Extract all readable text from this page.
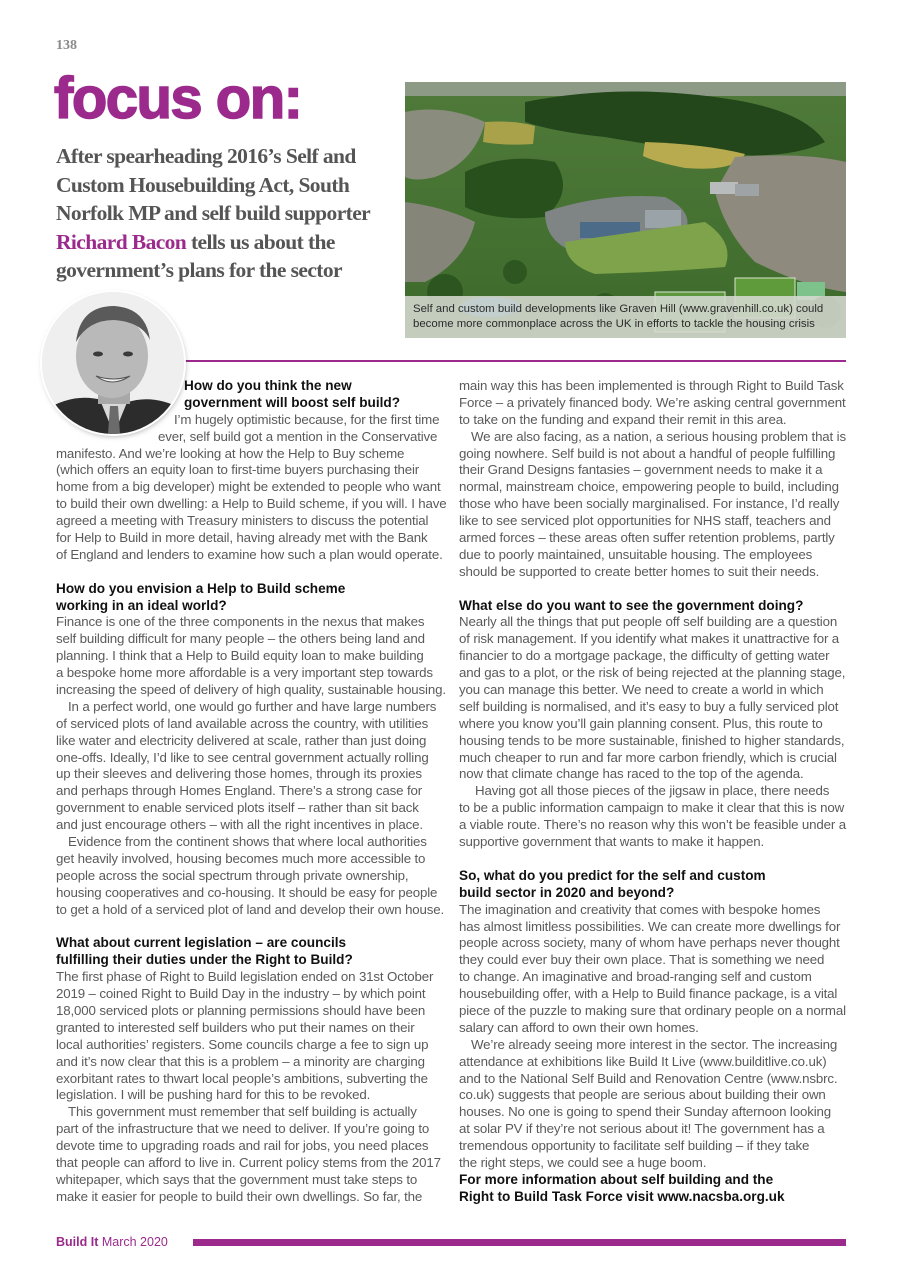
138
focus on:
After spearheading 2016’s Self and
Custom Housebuilding Act, South
Norfolk MP and self build supporter
Richard Bacon tells us about the
government’s plans for the sector
Self and custom build developments like Graven Hill (www.gravenhill.co.uk) could
become more commonplace across the UK in efforts to tackle the housing crisis
How do you think the new
government will boost self build?
I’m hugely optimistic because, for the first time
ever, self build got a mention in the Conservative
manifesto. And we’re looking at how the Help to Buy scheme
(which offers an equity loan to first-time buyers purchasing their
home from a big developer) might be extended to people who want
to build their own dwelling: a Help to Build scheme, if you will. I have
agreed a meeting with Treasury ministers to discuss the potential
for Help to Build in more detail, having already met with the Bank
of England and lenders to examine how such a plan would operate.
How do you envision a Help to Build scheme
working in an ideal world?
Finance is one of the three components in the nexus that makes
self building difficult for many people – the others being land and
planning. I think that a Help to Build equity loan to make building
a bespoke home more affordable is a very important step towards
increasing the speed of delivery of high quality, sustainable housing.
In a perfect world, one would go further and have large numbers
of serviced plots of land available across the country, with utilities
like water and electricity delivered at scale, rather than just doing
one-offs. Ideally, I’d like to see central government actually rolling
up their sleeves and delivering those homes, through its proxies
and perhaps through Homes England. There’s a strong case for
government to enable serviced plots itself – rather than sit back
and just encourage others – with all the right incentives in place.
Evidence from the continent shows that where local authorities
get heavily involved, housing becomes much more accessible to
people across the social spectrum through private ownership,
housing cooperatives and co-housing. It should be easy for people
to get a hold of a serviced plot of land and develop their own house.
What about current legislation – are councils
fulfilling their duties under the Right to Build?
The first phase of Right to Build legislation ended on 31st October
2019 – coined Right to Build Day in the industry – by which point
18,000 serviced plots or planning permissions should have been
granted to interested self builders who put their names on their
local authorities’ registers. Some councils charge a fee to sign up
and it’s now clear that this is a problem – a minority are charging
exorbitant rates to thwart local people’s ambitions, subverting the
legislation. I will be pushing hard for this to be revoked.
This government must remember that self building is actually
part of the infrastructure that we need to deliver. If you’re going to
devote time to upgrading roads and rail for jobs, you need places
that people can afford to live in. Current policy stems from the 2017
whitepaper, which says that the government must take steps to
make it easier for people to build their own dwellings. So far, the
main way this has been implemented is through Right to Build Task
Force – a privately financed body. We’re asking central government
to take on the funding and expand their remit in this area.
We are also facing, as a nation, a serious housing problem that is
going nowhere. Self build is not about a handful of people fulfilling
their Grand Designs fantasies – government needs to make it a
normal, mainstream choice, empowering people to build, including
those who have been socially marginalised. For instance, I’d really
like to see serviced plot opportunities for NHS staff, teachers and
armed forces – these areas often suffer retention problems, partly
due to poorly maintained, unsuitable housing. The employees
should be supported to create better homes to suit their needs.
What else do you want to see the government doing?
Nearly all the things that put people off self building are a question
of risk management. If you identify what makes it unattractive for a
financier to do a mortgage package, the difficulty of getting water
and gas to a plot, or the risk of being rejected at the planning stage,
you can manage this better. We need to create a world in which
self building is normalised, and it’s easy to buy a fully serviced plot
where you know you’ll gain planning consent. Plus, this route to
housing tends to be more sustainable, finished to higher standards,
much cheaper to run and far more carbon friendly, which is crucial
now that climate change has raced to the top of the agenda.
Having got all those pieces of the jigsaw in place, there needs
to be a public information campaign to make it clear that this is now
a viable route. There’s no reason why this won’t be feasible under a
supportive government that wants to make it happen.
So, what do you predict for the self and custom
build sector in 2020 and beyond?
The imagination and creativity that comes with bespoke homes
has almost limitless possibilities. We can create more dwellings for
people across society, many of whom have perhaps never thought
they could ever buy their own place. That is something we need
to change. An imaginative and broad-ranging self and custom
housebuilding offer, with a Help to Build finance package, is a vital
piece of the puzzle to making sure that ordinary people on a normal
salary can afford to own their own homes.
We’re already seeing more interest in the sector. The increasing
attendance at exhibitions like Build It Live (www.builditlive.co.uk)
and to the National Self Build and Renovation Centre (www.nsbrc.
co.uk) suggests that people are serious about building their own
houses. No one is going to spend their Sunday afternoon looking
at solar PV if they’re not serious about it! The government has a
tremendous opportunity to facilitate self building – if they take
the right steps, we could see a huge boom.
For more information about self building and the
Right to Build Task Force visit www.nacsba.org.uk
Build It March 2020
